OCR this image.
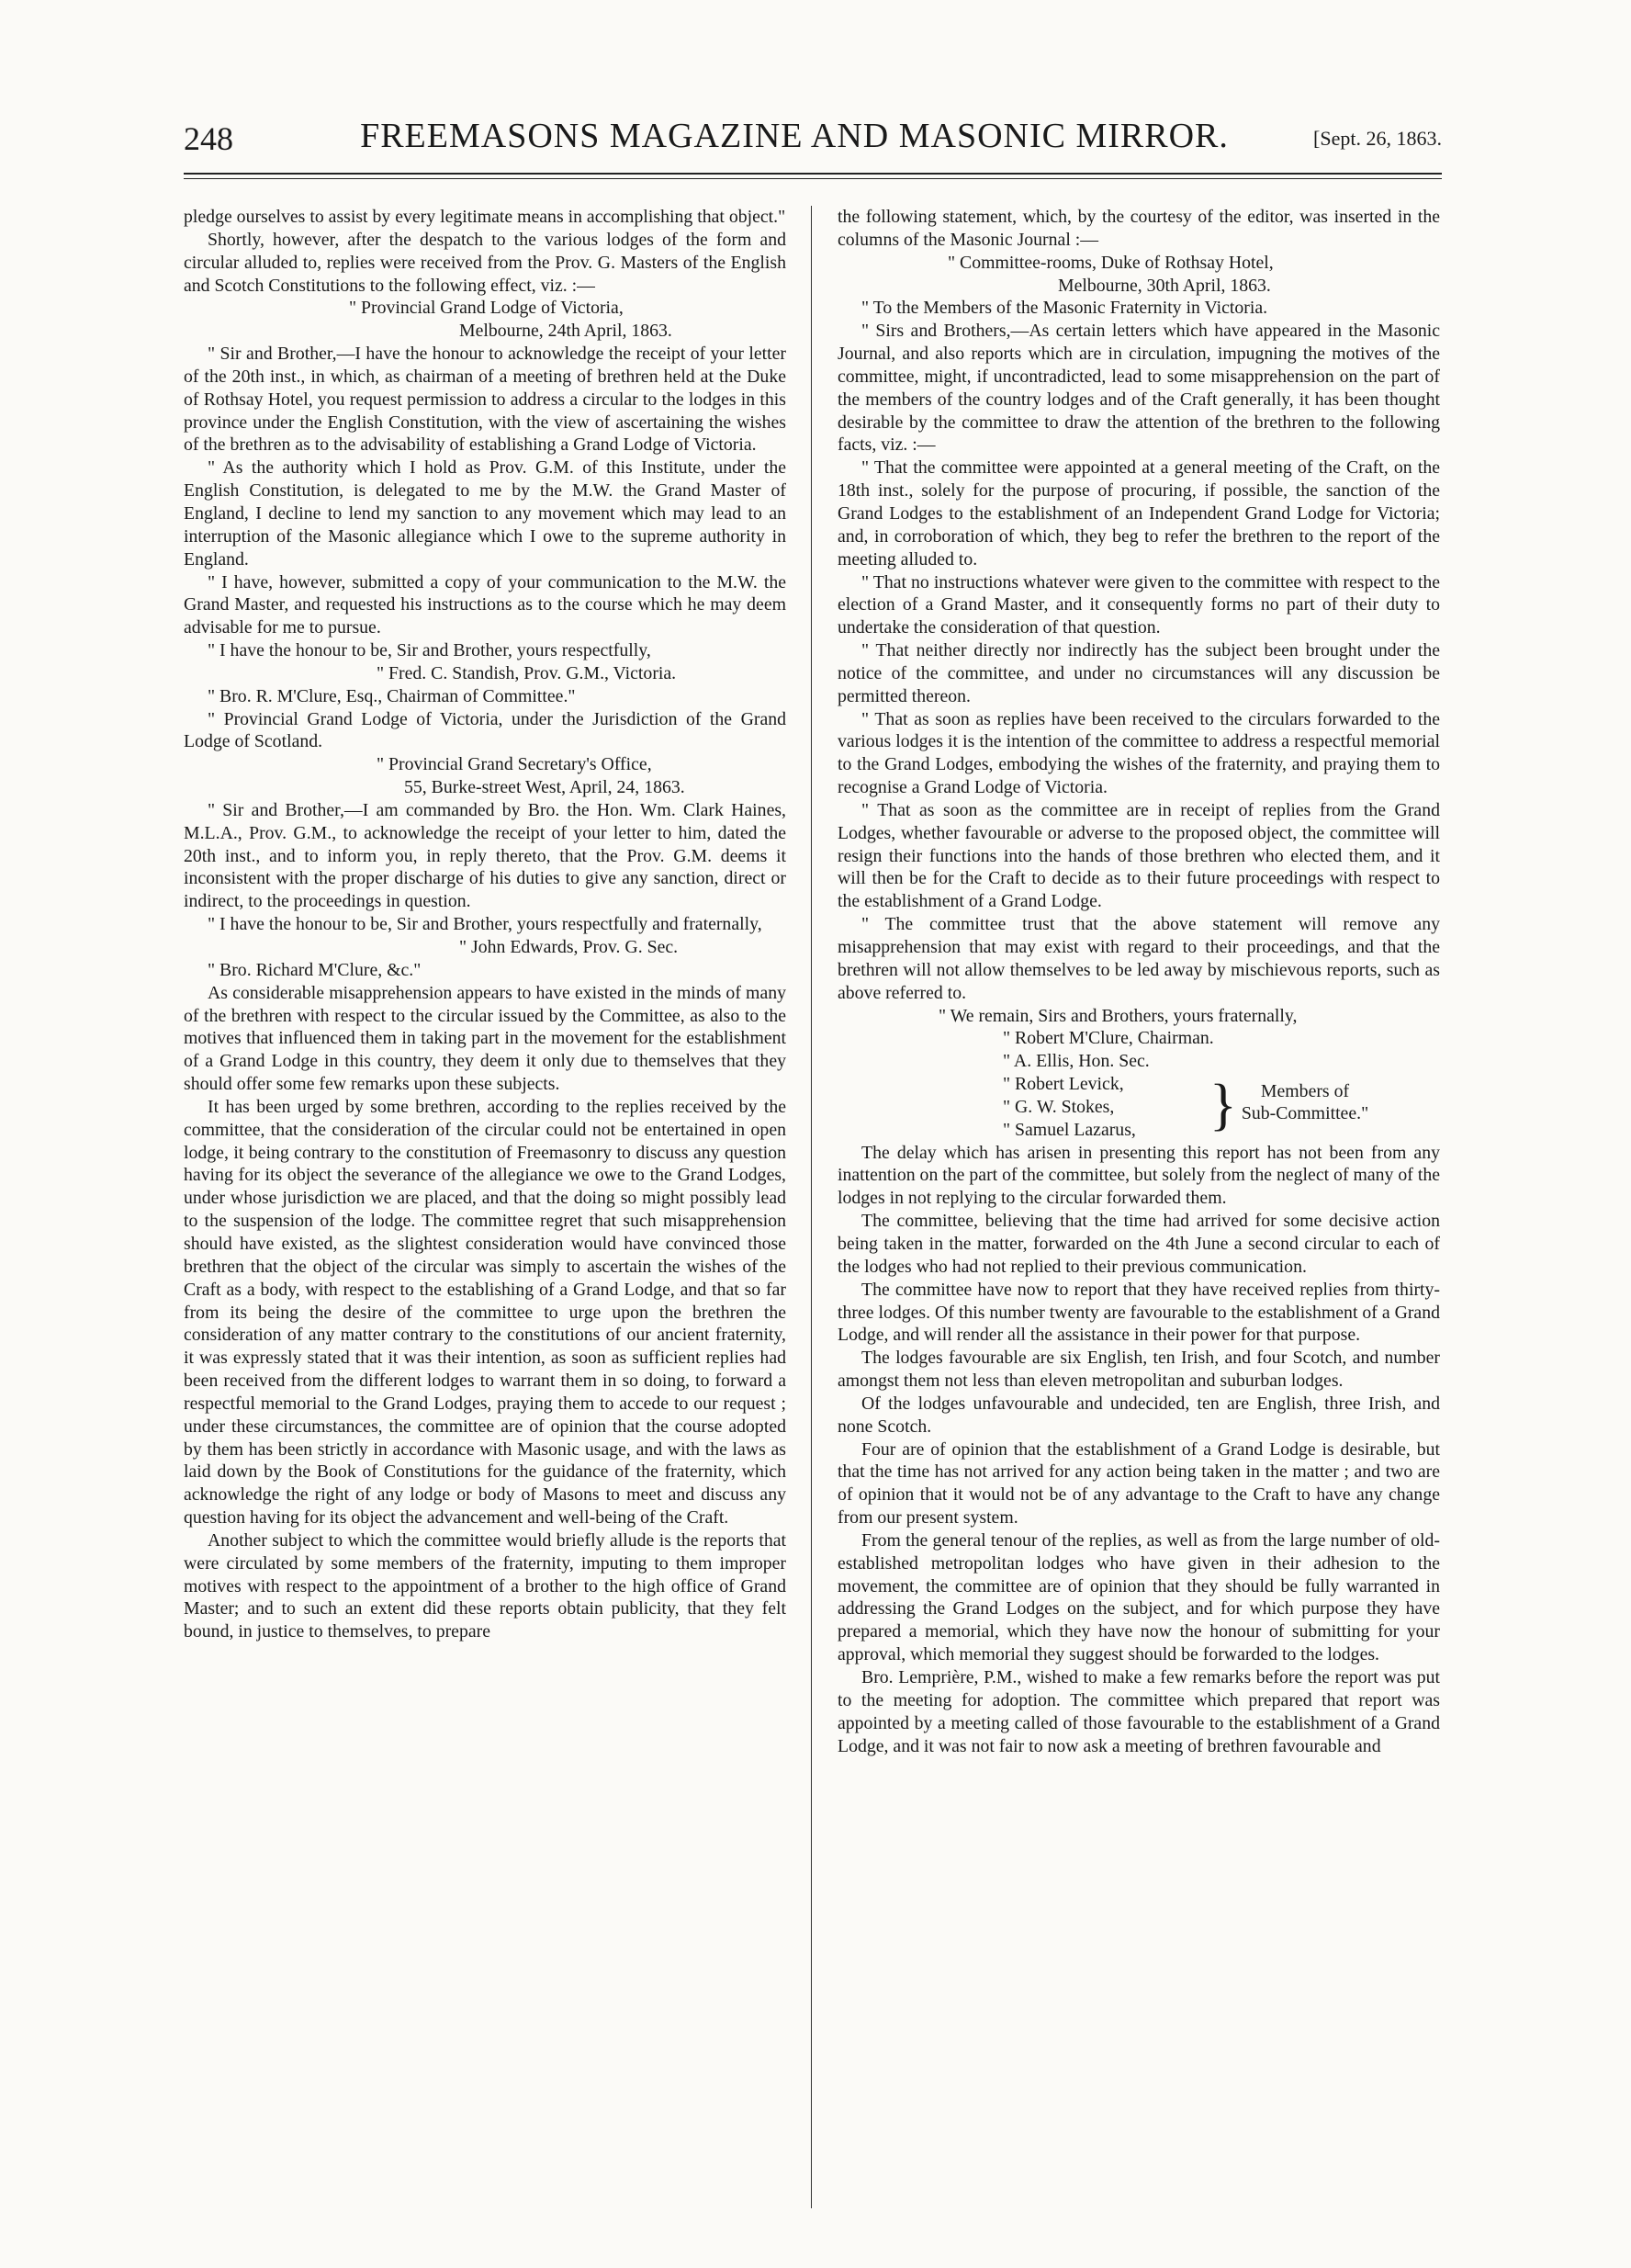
248	FREEMASONS MAGAZINE AND MASONIC MIRROR.	[Sept. 26, 1863.

pledge ourselves to assist by every legitimate means in accomplishing that object."

Shortly, however, after the despatch to the various lodges of the form and circular alluded to, replies were received from the Prov. G. Masters of the English and Scotch Constitutions to the following effect, viz. :—

" Provincial Grand Lodge of Victoria,

Melbourne, 24th April, 1863.

" Sir and Brother,—I have the honour to acknowledge the receipt of your letter of the 20th inst., in which, as chairman of a meeting of brethren held at the Duke of Rothsay Hotel, you request permission to address a circular to the lodges in this province under the English Constitution, with the view of ascertaining the wishes of the brethren as to the advisability of establishing a Grand Lodge of Victoria.

" As the authority which I hold as Prov. G.M. of this Institute, under the English Constitution, is delegated to me by the M.W. the Grand Master of England, I decline to lend my sanction to any movement which may lead to an interruption of the Masonic allegiance which I owe to the supreme authority in England.

" I have, however, submitted a copy of your communication to the M.W. the Grand Master, and requested his instructions as to the course which he may deem advisable for me to pursue.

" I have the honour to be, Sir and Brother, yours respectfully,

" Fred. C. Standish, Prov. G.M., Victoria.

" Bro. R. M'Clure, Esq., Chairman of Committee."

" Provincial Grand Lodge of Victoria, under the Jurisdiction of the Grand Lodge of Scotland.

" Provincial Grand Secretary's Office,

55, Burke-street West, April, 24, 1863.

" Sir and Brother,—I am commanded by Bro. the Hon. Wm. Clark Haines, M.L.A., Prov. G.M., to acknowledge the receipt of your letter to him, dated the 20th inst., and to inform you, in reply thereto, that the Prov. G.M. deems it inconsistent with the proper discharge of his duties to give any sanction, direct or indirect, to the proceedings in question.

" I have the honour to be, Sir and Brother, yours respectfully and fraternally,

" John Edwards, Prov. G. Sec.

" Bro. Richard M'Clure, &c."

As considerable misapprehension appears to have existed in the minds of many of the brethren with respect to the circular issued by the Committee, as also to the motives that influenced them in taking part in the movement for the establishment of a Grand Lodge in this country, they deem it only due to themselves that they should offer some few remarks upon these subjects.

It has been urged by some brethren, according to the replies received by the committee, that the consideration of the circular could not be entertained in open lodge, it being contrary to the constitution of Freemasonry to discuss any question having for its object the severance of the allegiance we owe to the Grand Lodges, under whose jurisdiction we are placed, and that the doing so might possibly lead to the suspension of the lodge. The committee regret that such misapprehension should have existed, as the slightest consideration would have convinced those brethren that the object of the circular was simply to ascertain the wishes of the Craft as a body, with respect to the establishing of a Grand Lodge, and that so far from its being the desire of the committee to urge upon the brethren the consideration of any matter contrary to the constitutions of our ancient fraternity, it was expressly stated that it was their intention, as soon as sufficient replies had been received from the different lodges to warrant them in so doing, to forward a respectful memorial to the Grand Lodges, praying them to accede to our request ; under these circumstances, the committee are of opinion that the course adopted by them has been strictly in accordance with Masonic usage, and with the laws as laid down by the Book of Constitutions for the guidance of the fraternity, which acknowledge the right of any lodge or body of Masons to meet and discuss any question having for its object the advancement and well-being of the Craft.

Another subject to which the committee would briefly allude is the reports that were circulated by some members of the fraternity, imputing to them improper motives with respect to the appointment of a brother to the high office of Grand Master; and to such an extent did these reports obtain publicity, that they felt bound, in justice to themselves, to prepare

the following statement, which, by the courtesy of the editor, was inserted in the columns of the Masonic Journal :—

" Committee-rooms, Duke of Rothsay Hotel,

Melbourne, 30th April, 1863.

" To the Members of the Masonic Fraternity in Victoria.

" Sirs and Brothers,—As certain letters which have appeared in the Masonic Journal, and also reports which are in circulation, impugning the motives of the committee, might, if uncontradicted, lead to some misapprehension on the part of the members of the country lodges and of the Craft generally, it has been thought desirable by the committee to draw the attention of the brethren to the following facts, viz. :—

" That the committee were appointed at a general meeting of the Craft, on the 18th inst., solely for the purpose of procuring, if possible, the sanction of the Grand Lodges to the establishment of an Independent Grand Lodge for Victoria; and, in corroboration of which, they beg to refer the brethren to the report of the meeting alluded to.

" That no instructions whatever were given to the committee with respect to the election of a Grand Master, and it consequently forms no part of their duty to undertake the consideration of that question.

" That neither directly nor indirectly has the subject been brought under the notice of the committee, and under no circumstances will any discussion be permitted thereon.

" That as soon as replies have been received to the circulars forwarded to the various lodges it is the intention of the committee to address a respectful memorial to the Grand Lodges, embodying the wishes of the fraternity, and praying them to recognise a Grand Lodge of Victoria.

" That as soon as the committee are in receipt of replies from the Grand Lodges, whether favourable or adverse to the proposed object, the committee will resign their functions into the hands of those brethren who elected them, and it will then be for the Craft to decide as to their future proceedings with respect to the establishment of a Grand Lodge.

" The committee trust that the above statement will remove any misapprehension that may exist with regard to their proceedings, and that the brethren will not allow themselves to be led away by mischievous reports, such as above referred to.

" We remain, Sirs and Brothers, yours fraternally,

" Robert M'Clure, Chairman.

" A. Ellis, Hon. Sec.

" Robert Levick,

" G. W. Stokes,

" Samuel Lazarus,	}	Members of
Sub-Committee."

The delay which has arisen in presenting this report has not been from any inattention on the part of the committee, but solely from the neglect of many of the lodges in not replying to the circular forwarded them.

The committee, believing that the time had arrived for some decisive action being taken in the matter, forwarded on the 4th June a second circular to each of the lodges who had not replied to their previous communication.

The committee have now to report that they have received replies from thirty-three lodges. Of this number twenty are favourable to the establishment of a Grand Lodge, and will render all the assistance in their power for that purpose.

The lodges favourable are six English, ten Irish, and four Scotch, and number amongst them not less than eleven metropolitan and suburban lodges.

Of the lodges unfavourable and undecided, ten are English, three Irish, and none Scotch.

Four are of opinion that the establishment of a Grand Lodge is desirable, but that the time has not arrived for any action being taken in the matter ; and two are of opinion that it would not be of any advantage to the Craft to have any change from our present system.

From the general tenour of the replies, as well as from the large number of old-established metropolitan lodges who have given in their adhesion to the movement, the committee are of opinion that they should be fully warranted in addressing the Grand Lodges on the subject, and for which purpose they have prepared a memorial, which they have now the honour of submitting for your approval, which memorial they suggest should be forwarded to the lodges.

Bro. Lemprière, P.M., wished to make a few remarks before the report was put to the meeting for adoption. The committee which prepared that report was appointed by a meeting called of those favourable to the establishment of a Grand Lodge, and it was not fair to now ask a meeting of brethren favourable and
